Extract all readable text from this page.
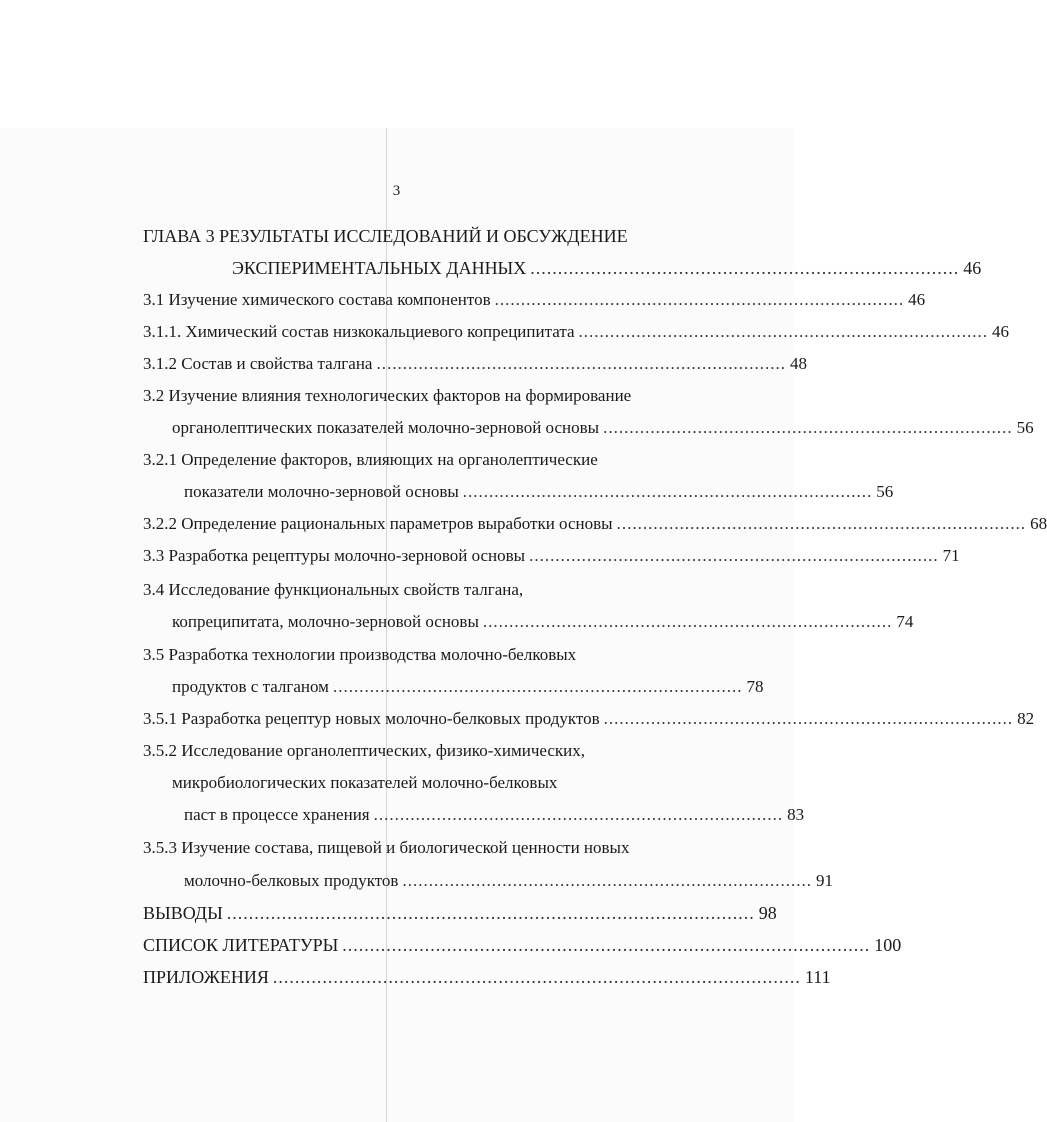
3
ГЛАВА 3 РЕЗУЛЬТАТЫ ИССЛЕДОВАНИЙ И ОБСУЖДЕНИЕ
ЭКСПЕРИМЕНТАЛЬНЫХ ДАННЫХ .............................................................................. 46
3.1 Изучение химического состава компонентов .............................................................................. 46
3.1.1. Химический состав низкокальциевого копреципитата .............................................................................. 46
3.1.2 Состав и свойства талгана .............................................................................. 48
3.2 Изучение влияния технологических факторов на формирование
органолептических показателей молочно-зерновой основы .............................................................................. 56
3.2.1 Определение факторов, влияющих на органолептические
показатели молочно-зерновой основы .............................................................................. 56
3.2.2 Определение рациональных параметров выработки основы .............................................................................. 68
3.3 Разработка рецептуры молочно-зерновой основы .............................................................................. 71
3.4 Исследование функциональных свойств талгана,
копреципитата, молочно-зерновой основы .............................................................................. 74
3.5 Разработка технологии производства молочно-белковых
продуктов с талганом .............................................................................. 78
3.5.1 Разработка рецептур новых молочно-белковых продуктов .............................................................................. 82
3.5.2 Исследование органолептических, физико-химических,
микробиологических показателей молочно-белковых
паст в процессе хранения .............................................................................. 83
3.5.3 Изучение состава, пищевой и биологической ценности новых
молочно-белковых продуктов .............................................................................. 91
ВЫВОДЫ ................................................................................................ 98
СПИСОК ЛИТЕРАТУРЫ ................................................................................................ 100
ПРИЛОЖЕНИЯ ................................................................................................ 111
